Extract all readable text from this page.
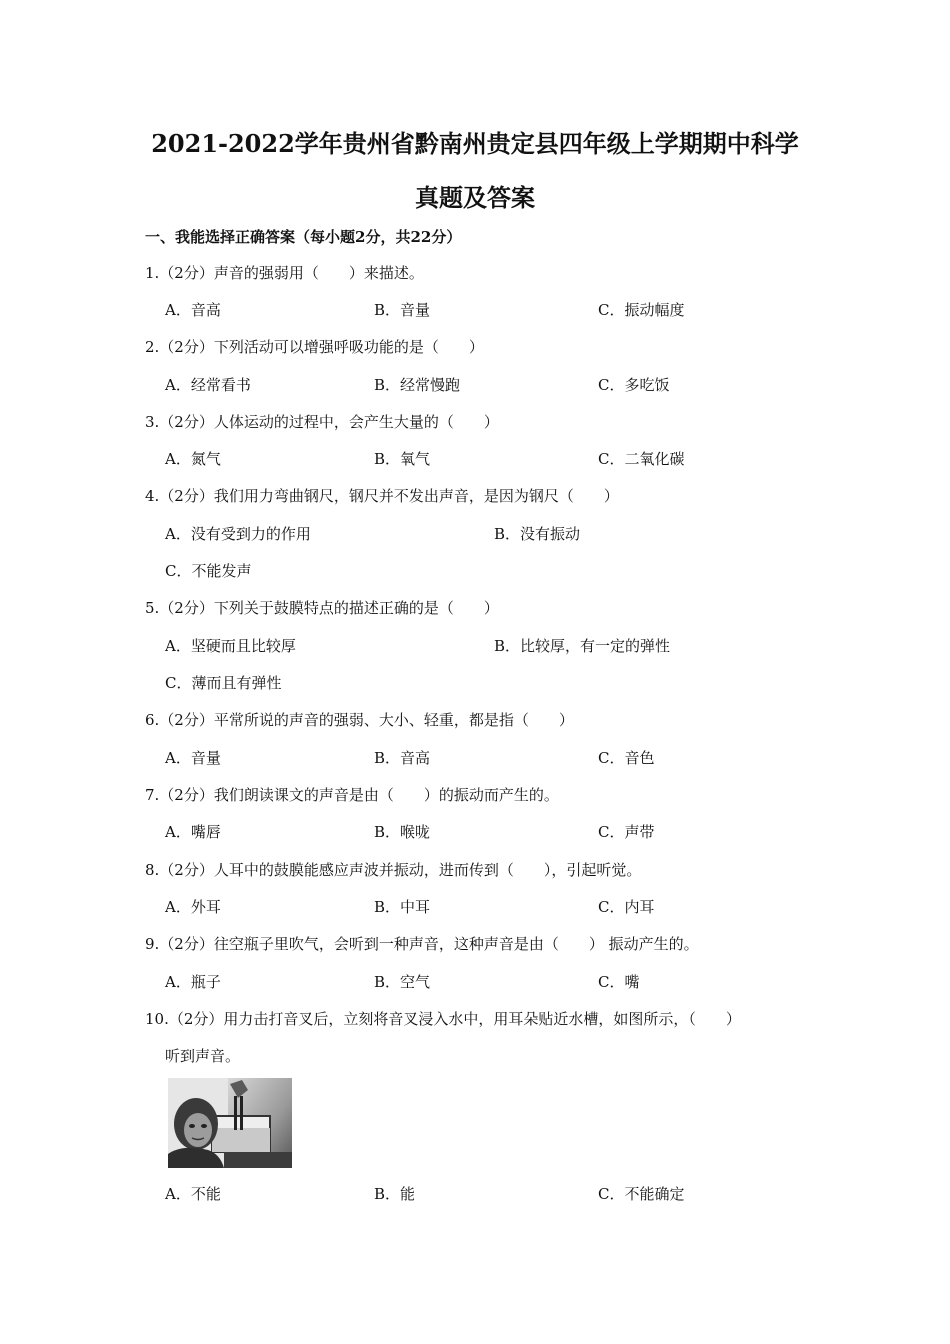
2021-2022学年贵州省黔南州贵定县四年级上学期期中科学
真题及答案
一、我能选择正确答案（每小题2分，共22分）
1.（2分）声音的强弱用（　　）来描述。
A．音高	B．音量	C．振动幅度
2.（2分）下列活动可以增强呼吸功能的是（　　）
A．经常看书	B．经常慢跑	C．多吃饭
3.（2分）人体运动的过程中，会产生大量的（　　）
A．氮气	B．氧气	C．二氧化碳
4.（2分）我们用力弯曲钢尺，钢尺并不发出声音，是因为钢尺（　　）
A．没有受到力的作用	B．没有振动
C．不能发声
5.（2分）下列关于鼓膜特点的描述正确的是（　　）
A．坚硬而且比较厚	B．比较厚，有一定的弹性
C．薄而且有弹性
6.（2分）平常所说的声音的强弱、大小、轻重，都是指（　　）
A．音量	B．音高	C．音色
7.（2分）我们朗读课文的声音是由（　　）的振动而产生的。
A．嘴唇	B．喉咙	C．声带
8.（2分）人耳中的鼓膜能感应声波并振动，进而传到（　　），引起听觉。
A．外耳	B．中耳	C．内耳
9.（2分）往空瓶子里吹气，会听到一种声音，这种声音是由（　　） 振动产生的。
A．瓶子	B．空气	C．嘴
10.（2分）用力击打音叉后，立刻将音叉浸入水中，用耳朵贴近水槽，如图所示，（　　）
听到声音。
A．不能	B．能	C．不能确定
